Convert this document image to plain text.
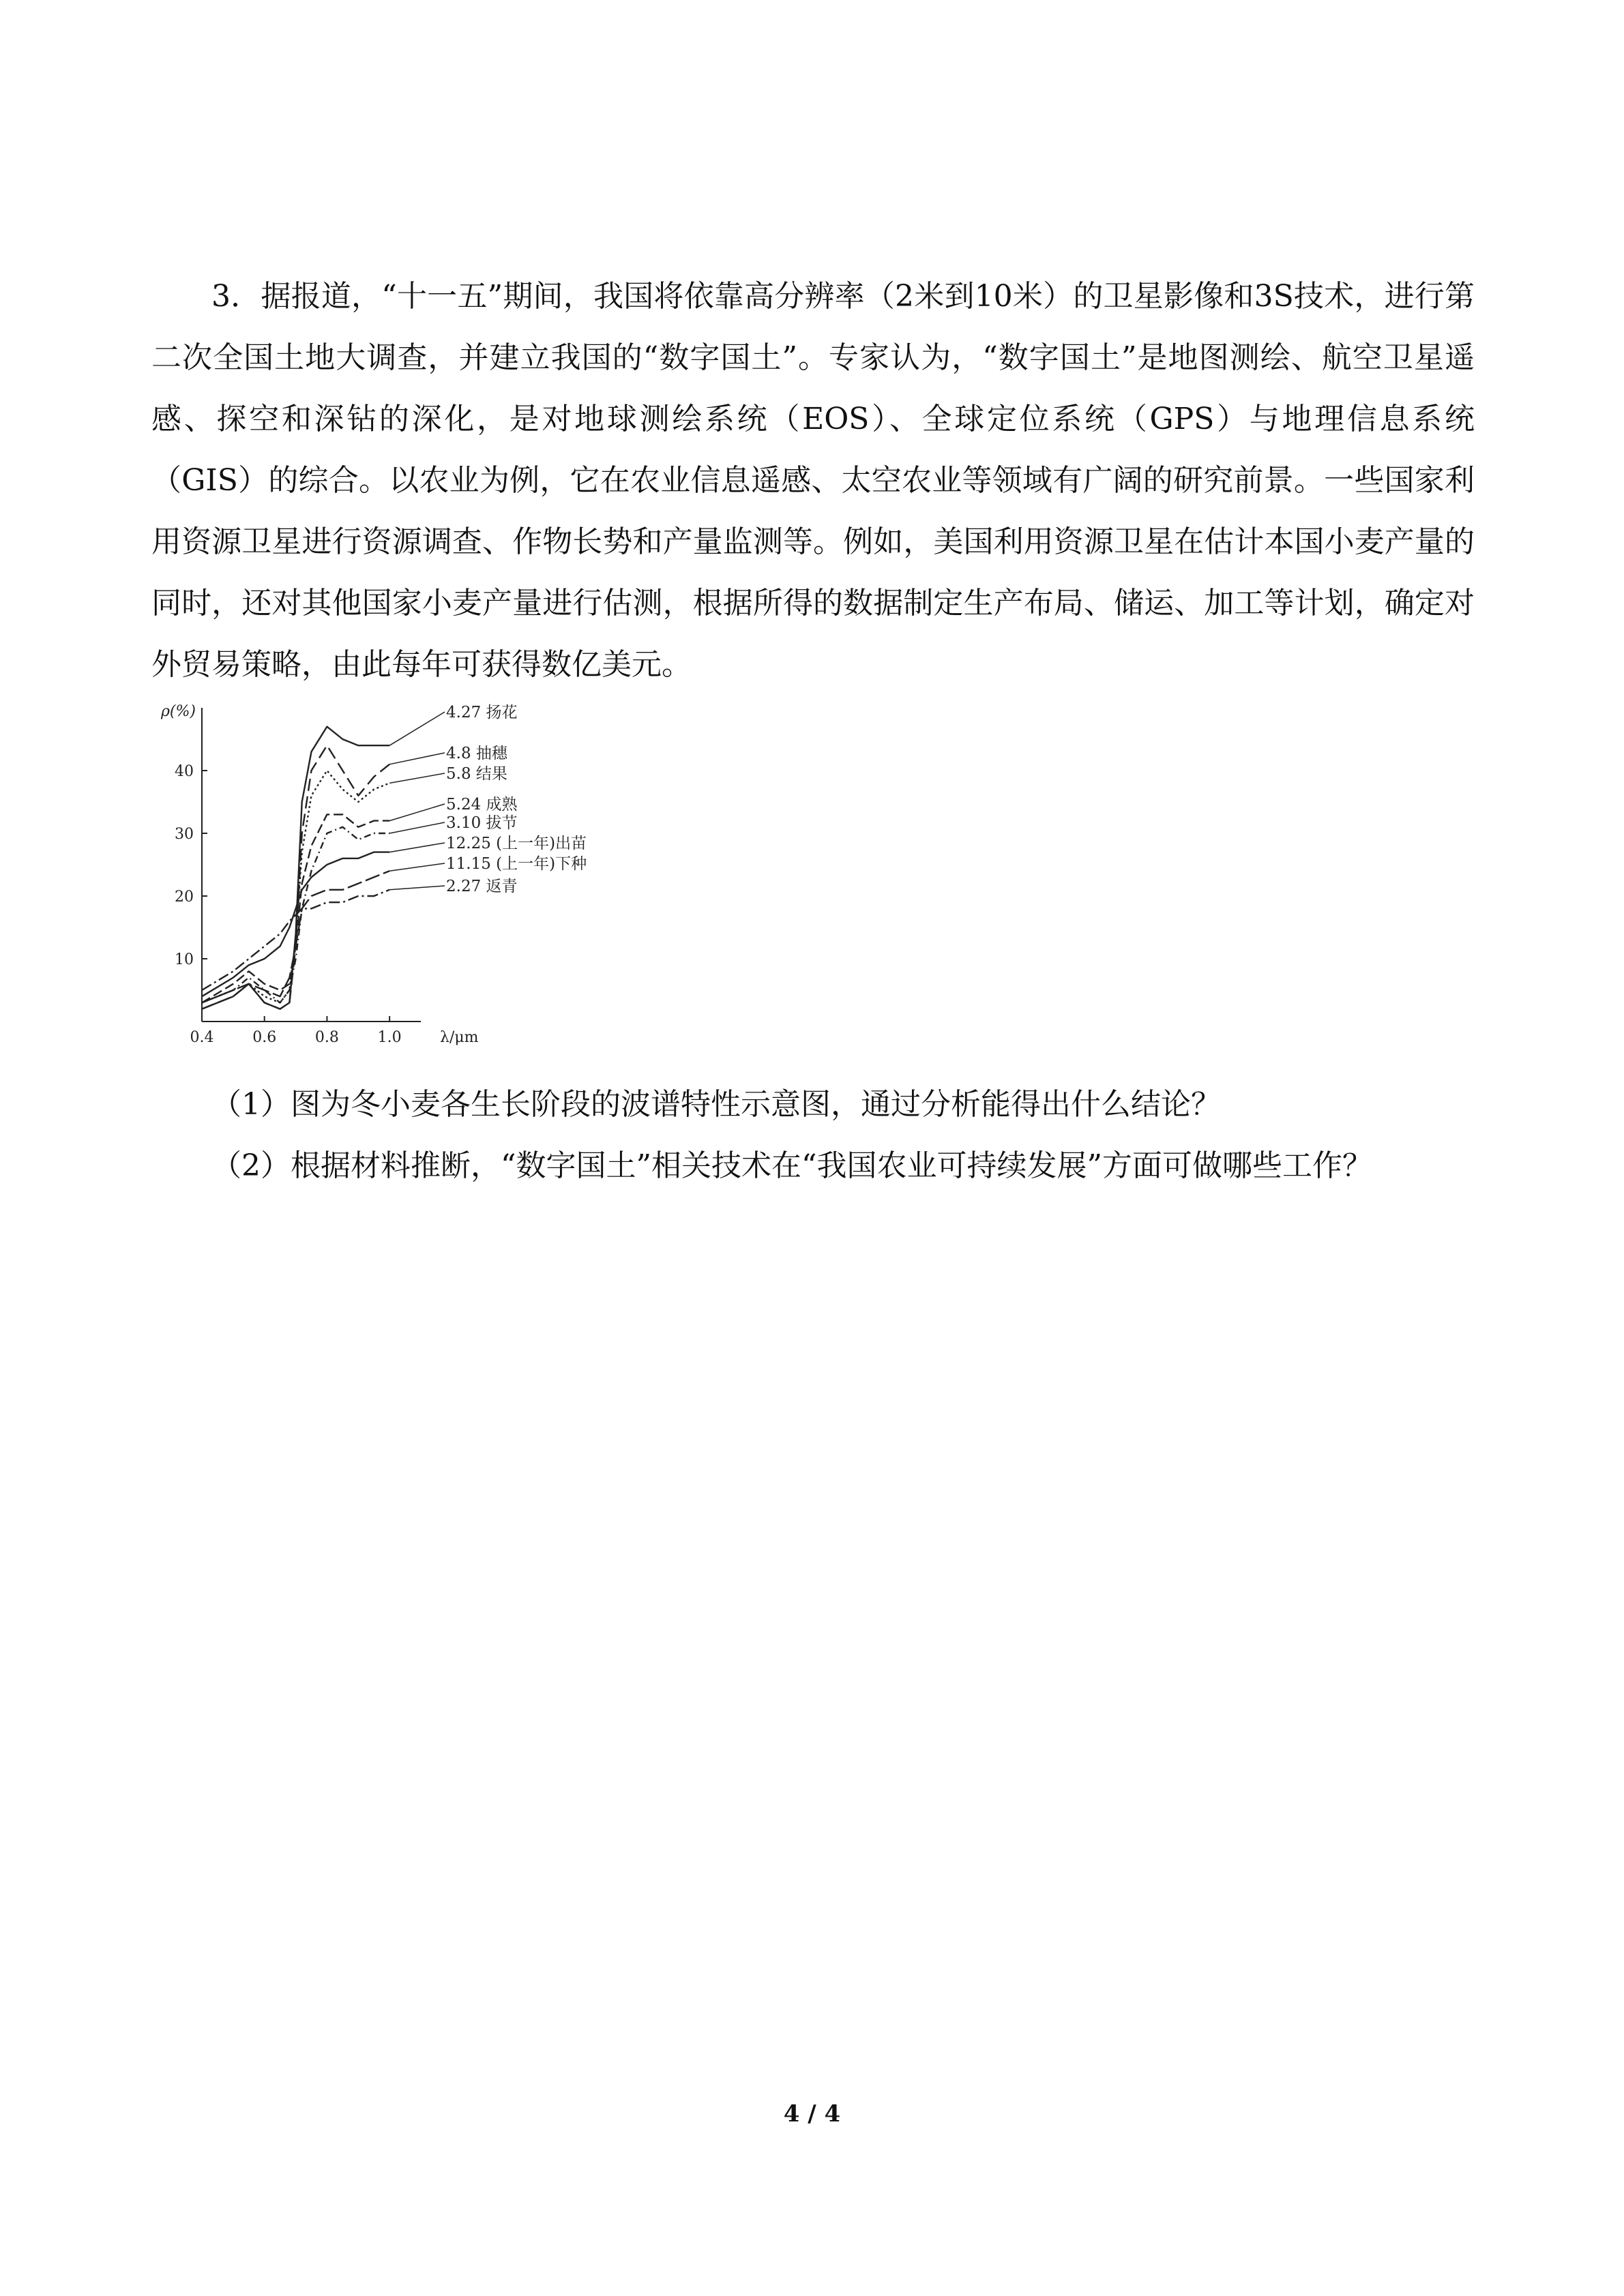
3．据报道，“十一五”期间，我国将依靠高分辨率（2米到10米）的卫星影像和3S技术，进行第二次全国土地大调查，并建立我国的“数字国土”。专家认为，“数字国土”是地图测绘、航空卫星遥感、探空和深钻的深化，是对地球测绘系统（EOS）、全球定位系统（GPS）与地理信息系统（GIS）的综合。以农业为例，它在农业信息遥感、太空农业等领域有广阔的研究前景。一些国家利用资源卫星进行资源调查、作物长势和产量监测等。例如，美国利用资源卫星在估计本国小麦产量的同时，还对其他国家小麦产量进行估测，根据所得的数据制定生产布局、储运、加工等计划，确定对外贸易策略，由此每年可获得数亿美元。

ρ(%)
λ/μm
0.4	0.6	0.8	1.0
10
20
30
40
4.27 扬花
4.8 抽穗
5.8 结果
5.24 成熟
3.10 拔节
12.25 (上一年)出苗
11.15 (上一年)下种
2.27 返青

（1）图为冬小麦各生长阶段的波谱特性示意图，通过分析能得出什么结论？

（2）根据材料推断，“数字国土”相关技术在“我国农业可持续发展”方面可做哪些工作？

4 / 4
